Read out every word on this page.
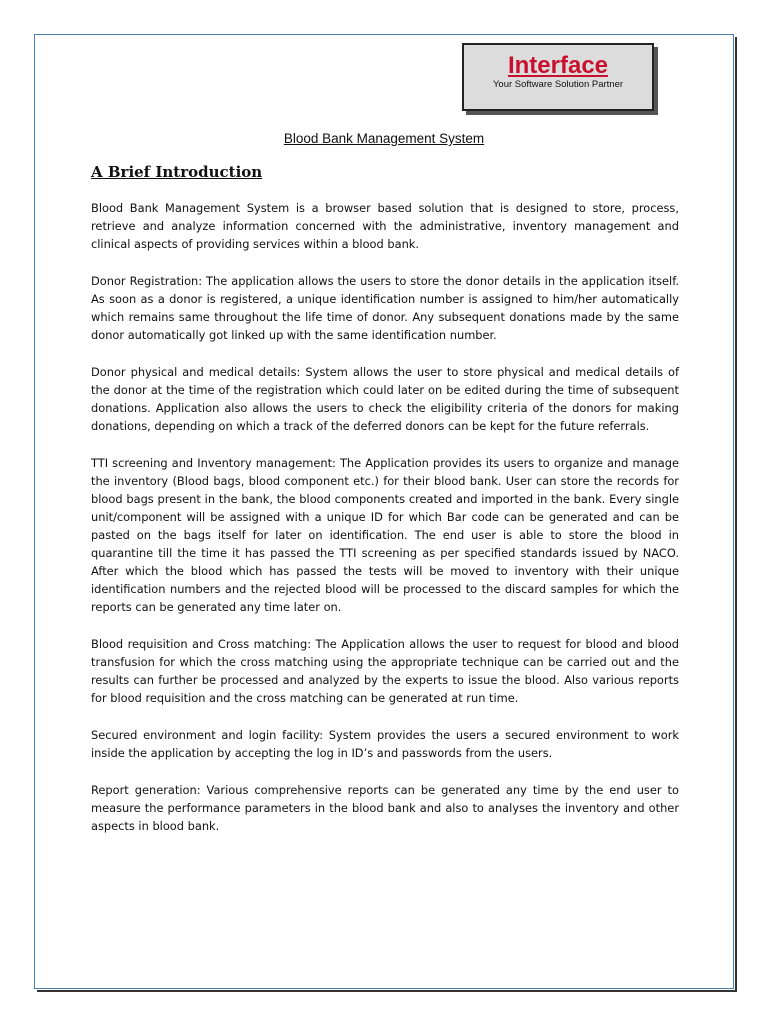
Interface
Your Software Solution Partner
Blood Bank Management System
A Brief Introduction

Blood Bank Management System is a browser based solution that is designed to store, process, retrieve and analyze information concerned with the administrative, inventory management and clinical aspects of providing services within a blood bank.

Donor Registration: The application allows the users to store the donor details in the application itself. As soon as a donor is registered, a unique identification number is assigned to him/her automatically which remains same throughout the life time of donor. Any subsequent donations made by the same donor automatically got linked up with the same identification number.

Donor physical and medical details: System allows the user to store physical and medical details of the donor at the time of the registration which could later on be edited during the time of subsequent donations. Application also allows the users to check the eligibility criteria of the donors for making donations, depending on which a track of the deferred donors can be kept for the future referrals.

TTI screening and Inventory management: The Application provides its users to organize and manage the inventory (Blood bags, blood component etc.) for their blood bank. User can store the records for blood bags present in the bank, the blood components created and imported in the bank. Every single unit/component will be assigned with a unique ID for which Bar code can be generated and can be pasted on the bags itself for later on identification. The end user is able to store the blood in quarantine till the time it has passed the TTI screening as per specified standards issued by NACO. After which the blood which has passed the tests will be moved to inventory with their unique identification numbers and the rejected blood will be processed to the discard samples for which the reports can be generated any time later on.

Blood requisition and Cross matching: The Application allows the user to request for blood and blood transfusion for which the cross matching using the appropriate technique can be carried out and the results can further be processed and analyzed by the experts to issue the blood. Also various reports for blood requisition and the cross matching can be generated at run time.

Secured environment and login facility: System provides the users a secured environment to work inside the application by accepting the log in ID’s and passwords from the users.

Report generation: Various comprehensive reports can be generated any time by the end user to measure the performance parameters in the blood bank and also to analyses the inventory and other aspects in blood bank.
